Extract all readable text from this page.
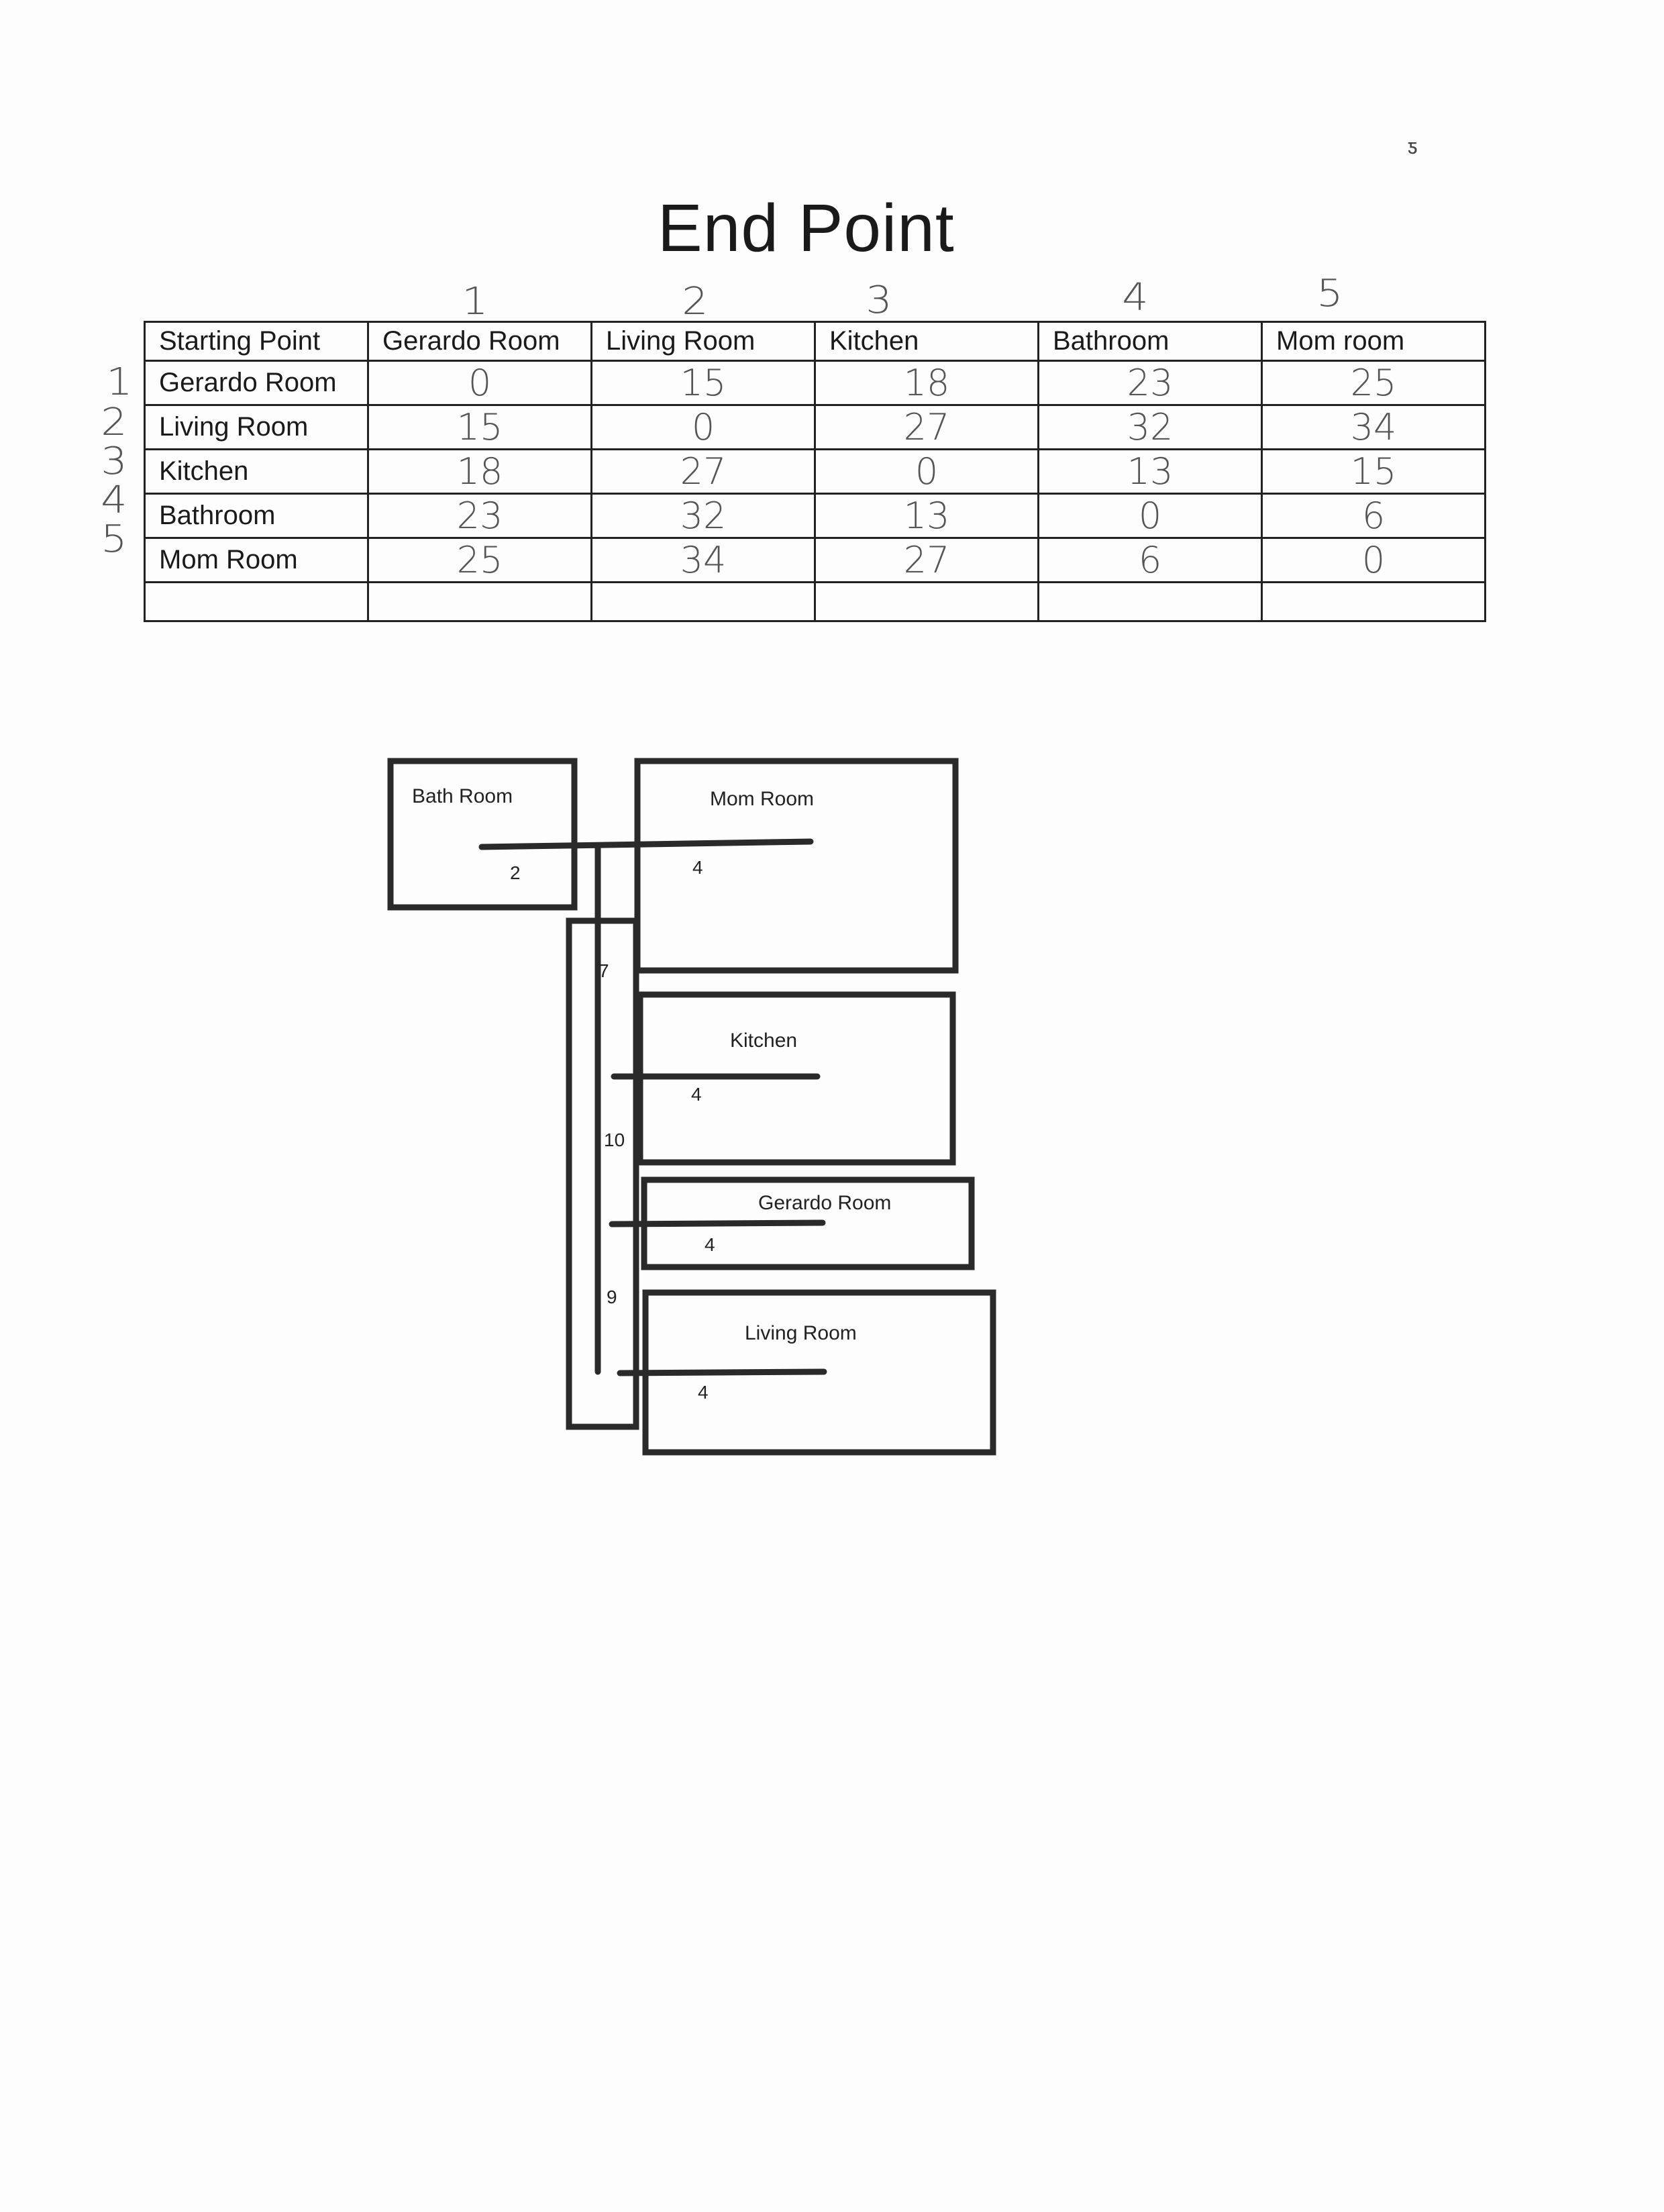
End Point
ƽ
1	2	3	4	5
1
2
3
4
5
Starting Point	Gerardo Room	Living Room	Kitchen	Bathroom	Mom room
Gerardo Room	0	15	18	23	25
Living Room	15	0	27	32	34
Kitchen	18	27	0	13	15
Bathroom	23	32	13	0	6
Mom Room	25	34	27	6	0

Bath Room	Mom Room
Kitchen
Gerardo Room
Living Room
2	4
7
4
10
4
9
4
